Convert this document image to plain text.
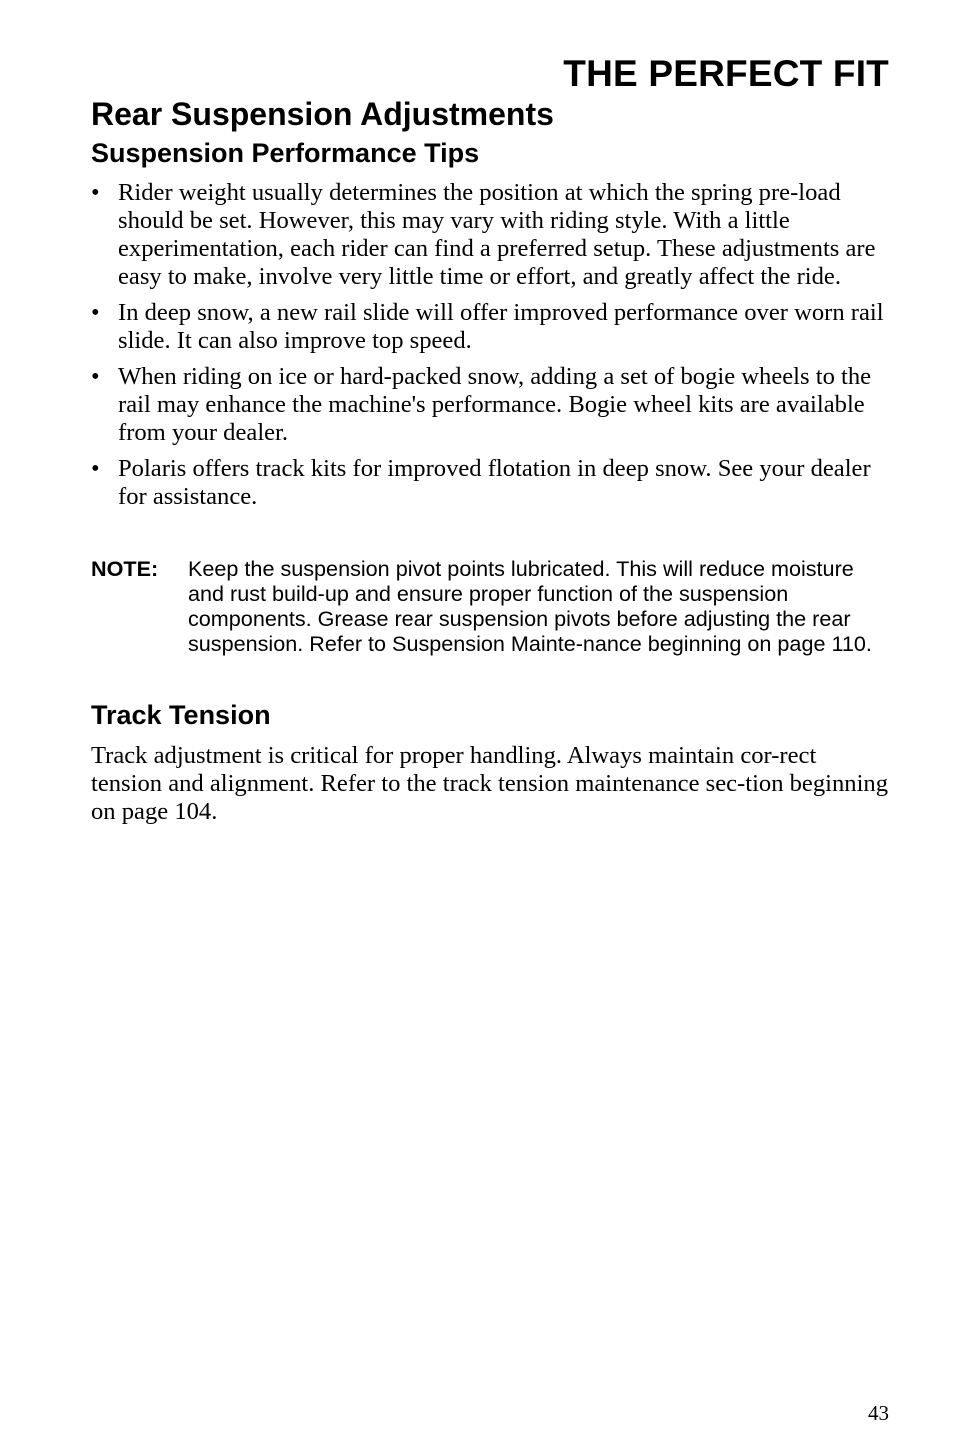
THE PERFECT FIT
Rear Suspension Adjustments
Suspension Performance Tips
• Rider weight usually determines the position at which the spring pre-load should be set. However, this may vary with riding style. With a little experimentation, each rider can find a preferred setup. These adjustments are easy to make, involve very little time or effort, and greatly affect the ride.
• In deep snow, a new rail slide will offer improved performance over worn rail slide. It can also improve top speed.
• When riding on ice or hard-packed snow, adding a set of bogie wheels to the rail may enhance the machine's performance. Bogie wheel kits are available from your dealer.
• Polaris offers track kits for improved flotation in deep snow. See your dealer for assistance.
NOTE: Keep the suspension pivot points lubricated. This will reduce moisture and rust build-up and ensure proper function of the suspension components. Grease rear suspension pivots before adjusting the rear suspension. Refer to Suspension Mainte-nance beginning on page 110.
Track Tension

Track adjustment is critical for proper handling. Always maintain cor-rect tension and alignment. Refer to the track tension maintenance sec-tion beginning on page 104.

43
